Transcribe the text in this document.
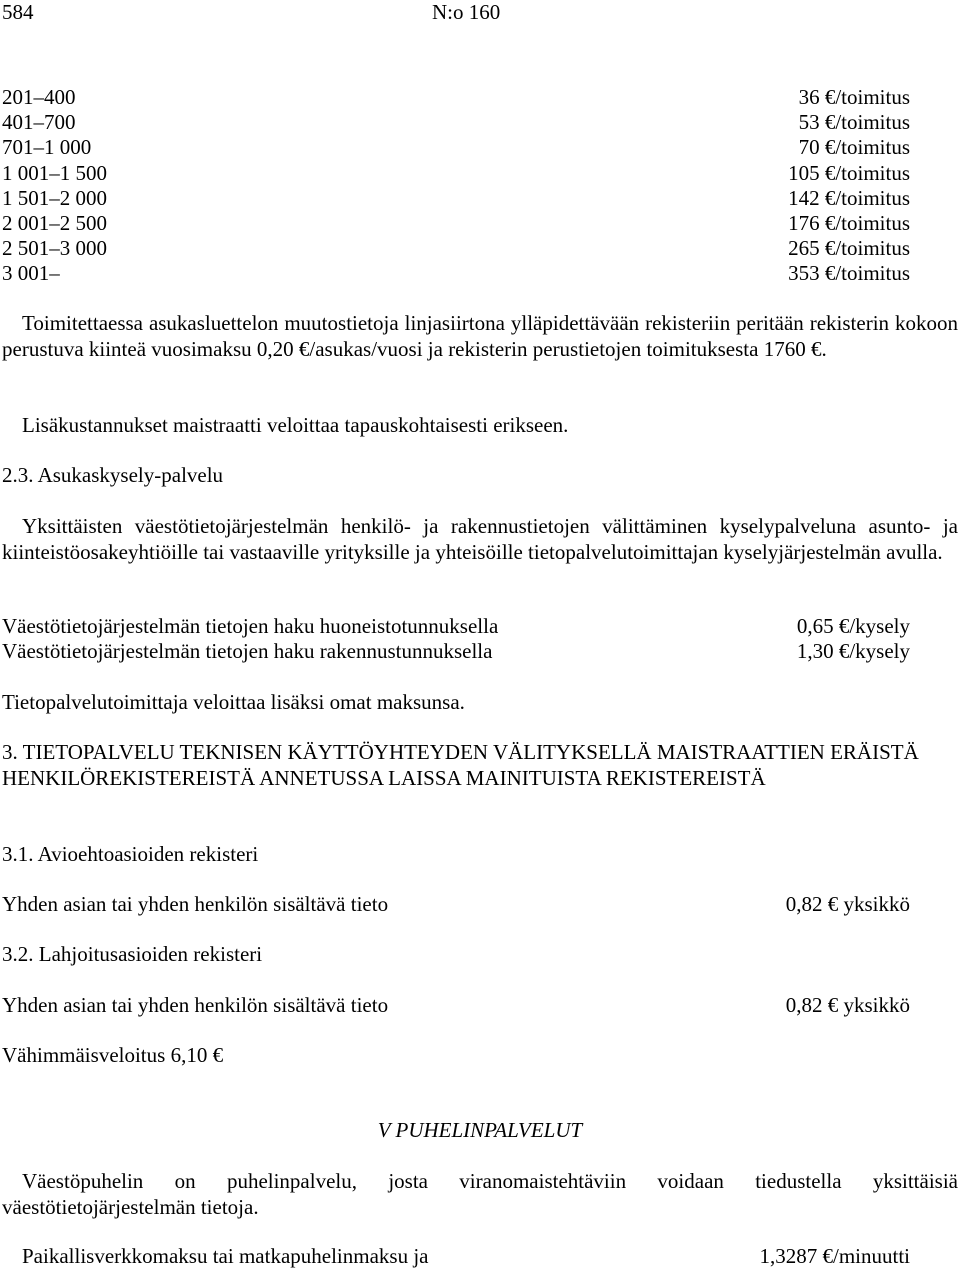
584	N:o 160
201–400	36 €/toimitus
401–700	53 €/toimitus
701–1 000	70 €/toimitus
1 001–1 500	105 €/toimitus
1 501–2 000	142 €/toimitus
2 001–2 500	176 €/toimitus
2 501–3 000	265 €/toimitus
3 001–	353 €/toimitus
Toimitettaessa asukasluettelon muutostietoja linjasiirtona ylläpidettävään rekisteriin peritään rekisterin kokoon perustuva kiinteä vuosimaksu 0,20 €/asukas/vuosi ja rekisterin perustietojen toimituksesta 1760 €.
Lisäkustannukset maistraatti veloittaa tapauskohtaisesti erikseen.
2.3. Asukaskysely-palvelu
Yksittäisten väestötietojärjestelmän henkilö- ja rakennustietojen välittäminen kyselypalveluna asunto- ja kiinteistöosakeyhtiöille tai vastaaville yrityksille ja yhteisöille tietopalvelutoimittajan kyselyjärjestelmän avulla.
Väestötietojärjestelmän tietojen haku huoneistotunnuksella	0,65 €/kysely
Väestötietojärjestelmän tietojen haku rakennustunnuksella	1,30 €/kysely
Tietopalvelutoimittaja veloittaa lisäksi omat maksunsa.
3. TIETOPALVELU TEKNISEN KÄYTTÖYHTEYDEN VÄLITYKSELLÄ MAISTRAATTIEN ERÄISTÄ HENKILÖREKISTEREISTÄ ANNETUSSA LAISSA MAINITUISTA REKISTEREISTÄ
3.1. Avioehtoasioiden rekisteri
Yhden asian tai yhden henkilön sisältävä tieto	0,82 € yksikkö
3.2. Lahjoitusasioiden rekisteri
Yhden asian tai yhden henkilön sisältävä tieto	0,82 € yksikkö
Vähimmäisveloitus 6,10 €
V PUHELINPALVELUT
Väestöpuhelin on puhelinpalvelu, josta viranomaistehtäviin voidaan tiedustella yksittäisiä väestötietojärjestelmän tietoja.
Paikallisverkkomaksu tai matkapuhelinmaksu ja	1,3287 €/minuutti
